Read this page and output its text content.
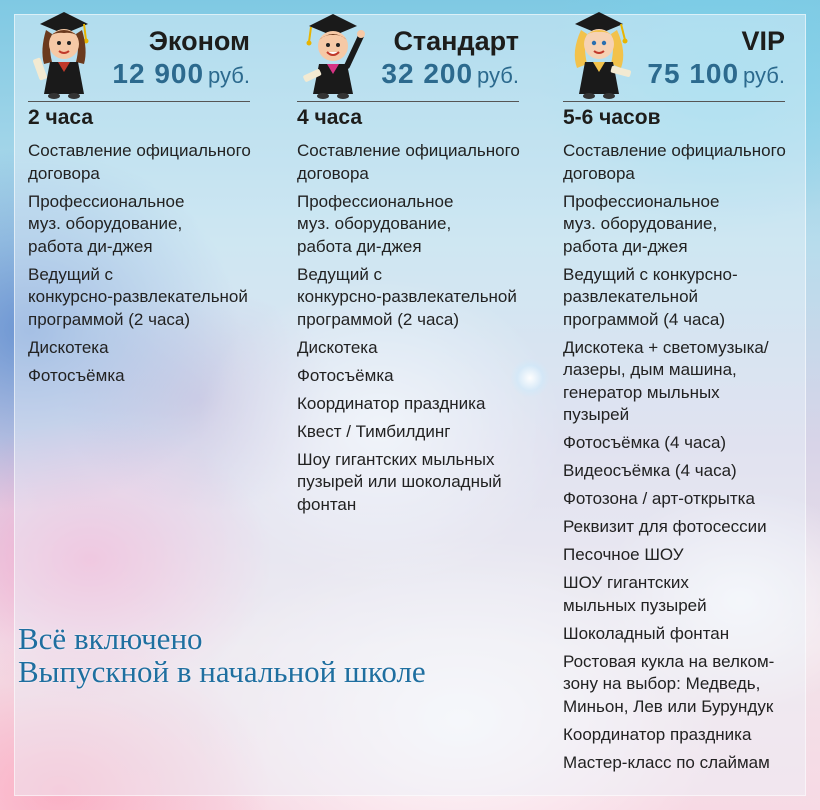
Эконом
12 900 руб.
2 часа
Составление официального
договора
Профессиональное
муз. оборудование,
работа ди-джея
Ведущий с
конкурсно-развлекательной
программой (2 часа)
Дискотека
Фотосъёмка
Стандарт
32 200 руб.
4 часа
Составление официального
договора
Профессиональное
муз. оборудование,
работа ди-джея
Ведущий с
конкурсно-развлекательной
программой (2 часа)
Дискотека
Фотосъёмка
Координатор праздника
Квест / Тимбилдинг
Шоу гигантских мыльных
пузырей или шоколадный
фонтан
VIP
75 100 руб.
5-6 часов
Составление официального
договора
Профессиональное
муз. оборудование,
работа ди-джея
Ведущий с конкурсно-
развлекательной
программой (4 часа)
Дискотека + светомузыка/
лазеры, дым машина,
генератор мыльных
пузырей
Фотосъёмка (4 часа)
Видеосъёмка (4 часа)
Фотозона / арт-открытка
Реквизит для фотосессии
Песочное ШОУ
ШОУ гигантских
мыльных пузырей
Шоколадный фонтан
Ростовая кукла на велком-
зону на выбор: Медведь,
Миньон, Лев или Бурундук
Координатор праздника
Мастер-класс по слаймам
Всё включено
Выпускной в начальной школе
